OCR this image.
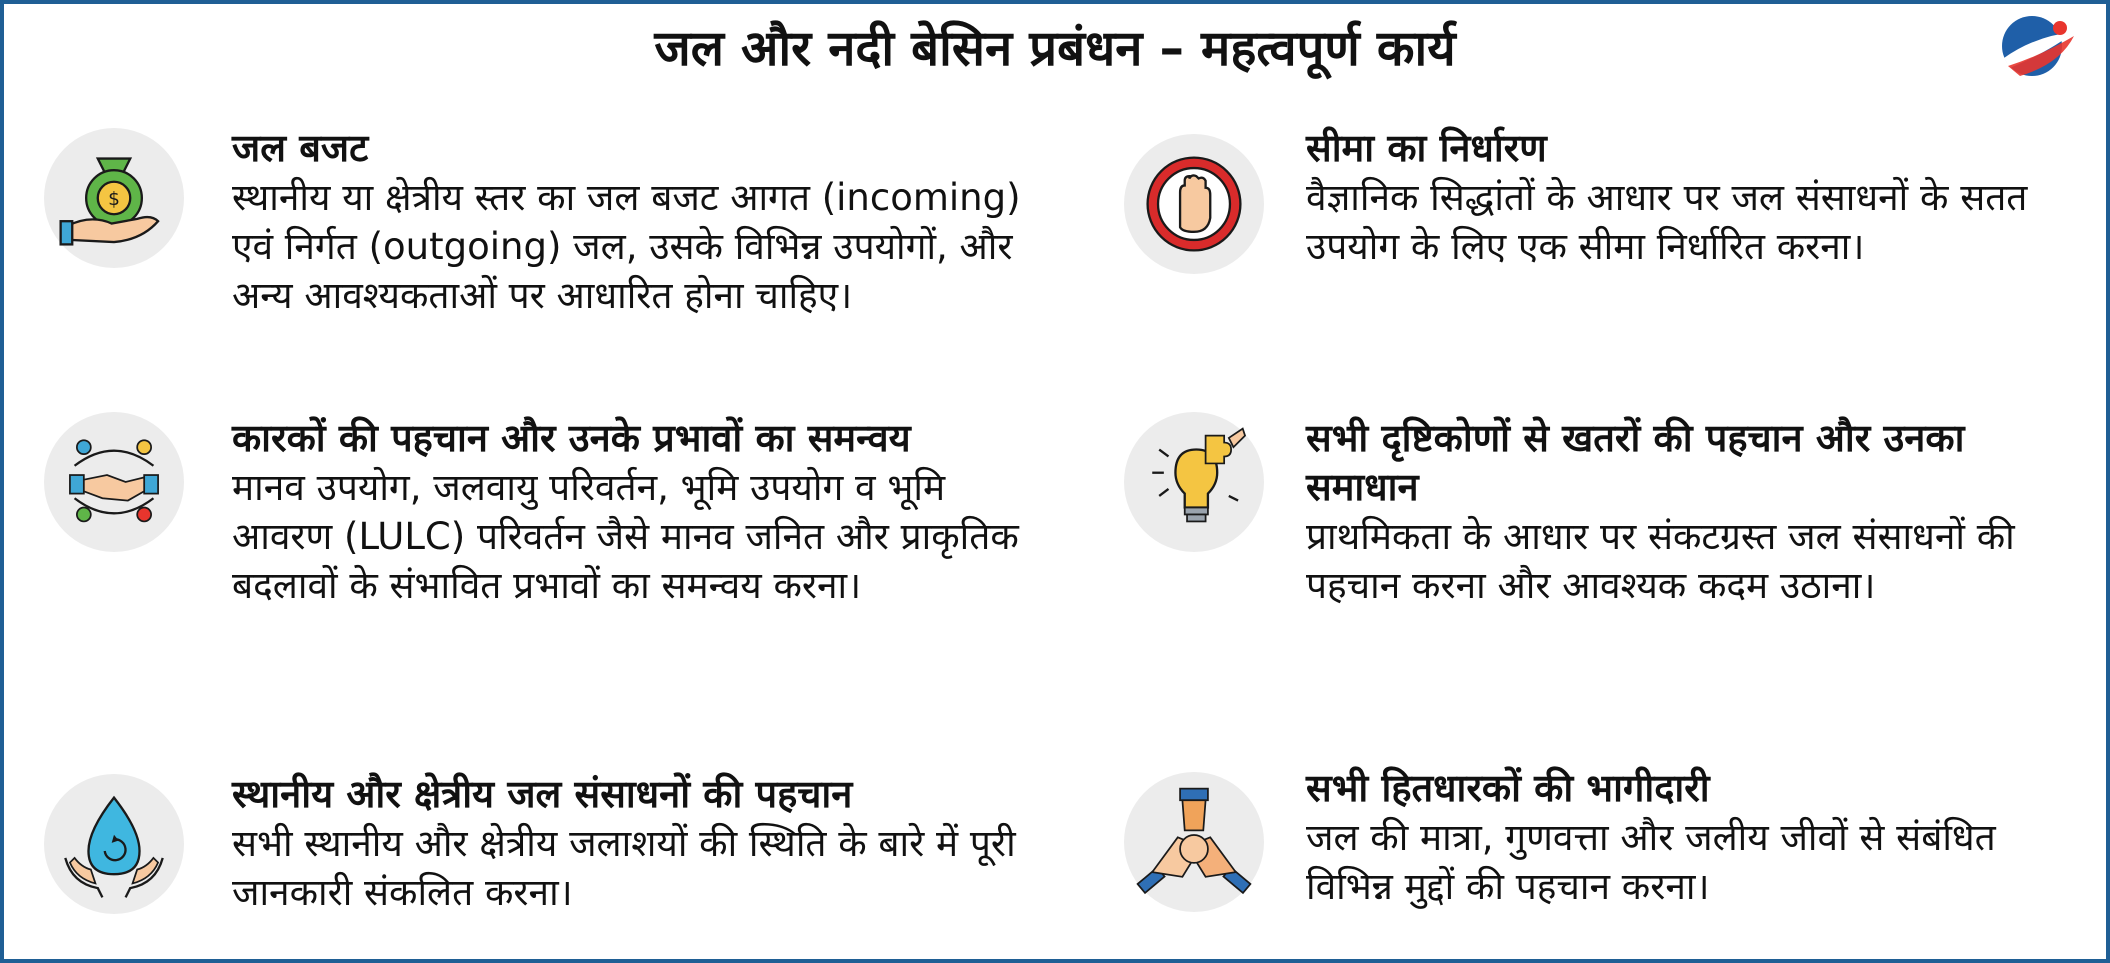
जल और नदी बेसिन प्रबंधन – महत्वपूर्ण कार्य
$
जल बजट
स्थानीय या क्षेत्रीय स्तर का जल बजट आगत (incoming) एवं निर्गत (outgoing) जल, उसके विभिन्न उपयोगों, और अन्य आवश्यकताओं पर आधारित होना चाहिए।
सीमा का निर्धारण
वैज्ञानिक सिद्धांतों के आधार पर जल संसाधनों के सतत उपयोग के लिए एक सीमा निर्धारित करना।
कारकों की पहचान और उनके प्रभावों का समन्वय
मानव उपयोग, जलवायु परिवर्तन, भूमि उपयोग व भूमि आवरण (LULC) परिवर्तन जैसे मानव जनित और प्राकृतिक बदलावों के संभावित प्रभावों का समन्वय करना।
सभी दृष्टिकोणों से खतरों की पहचान और उनका समाधान
प्राथमिकता के आधार पर संकटग्रस्त जल संसाधनों की पहचान करना और आवश्यक कदम उठाना।
स्थानीय और क्षेत्रीय जल संसाधनों की पहचान
सभी स्थानीय और क्षेत्रीय जलाशयों की स्थिति के बारे में पूरी जानकारी संकलित करना।
सभी हितधारकों की भागीदारी
जल की मात्रा, गुणवत्ता और जलीय जीवों से संबंधित विभिन्न मुद्दों की पहचान करना।
